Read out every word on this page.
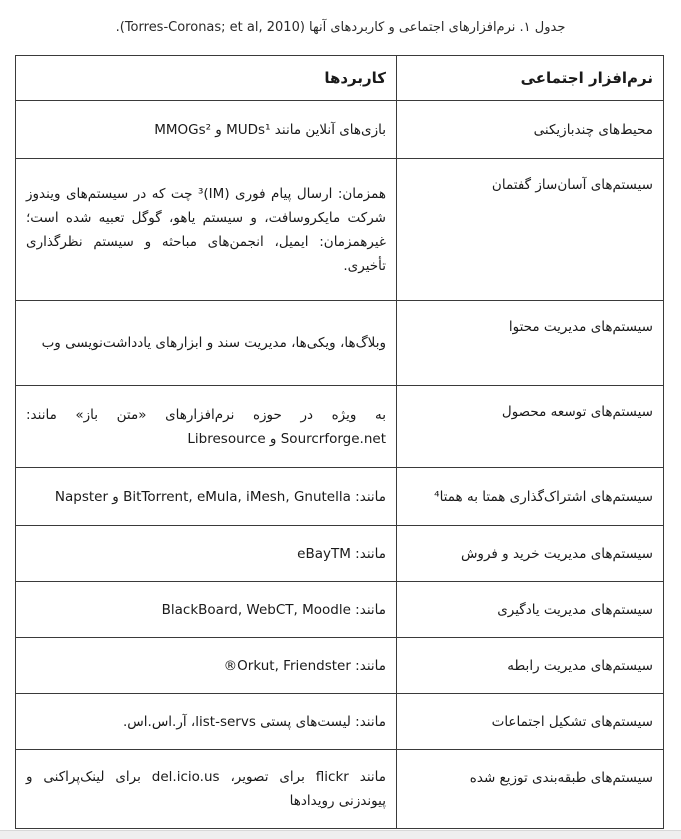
جدول ۱. نرم‌افزارهای اجتماعی و کاربردهای آنها (Torres-Coronas; et al, 2010).
نرم‌افزار اجتماعی	کاربردها
محیط‌های چندبازیکنی	بازی‌های آنلاین مانند MUDs¹ و MMOGs²
سیستم‌های آسان‌ساز گفتمان	همزمان: ارسال پیام فوری (IM)³ چت که در سیستم‌های ویندوز شرکت مایکروسافت، و سیستم یاهو، گوگل تعبیه شده است؛ غیرهمزمان: ایمیل، انجمن‌های مباحثه و سیستم نظرگذاری تأخیری.
سیستم‌های مدیریت محتوا	وبلاگ‌ها، ویکی‌ها، مدیریت سند و ابزارهای یادداشت‌نویسی وب
سیستم‌های توسعه محصول	به ویژه در حوزه نرم‌افزارهای «متن باز» مانند: Sourcrforge.net و Libresource
سیستم‌های اشتراک‌گذاری همتا به همتا⁴	مانند: BitTorrent, eMula, iMesh, Gnutella و Napster
سیستم‌های مدیریت خرید و فروش	مانند: eBayTM
سیستم‌های مدیریت یادگیری	مانند: BlackBoard, WebCT, Moodle
سیستم‌های مدیریت رابطه	مانند: Orkut, Friendster®
سیستم‌های تشکیل اجتماعات	مانند: لیست‌های پستی list-servs، آر.اس.اس.
سیستم‌های طبقه‌بندی توزیع شده	مانند flickr برای تصویر، del.icio.us برای لینک‌پراکنی و پیوندزنی رویدادها
